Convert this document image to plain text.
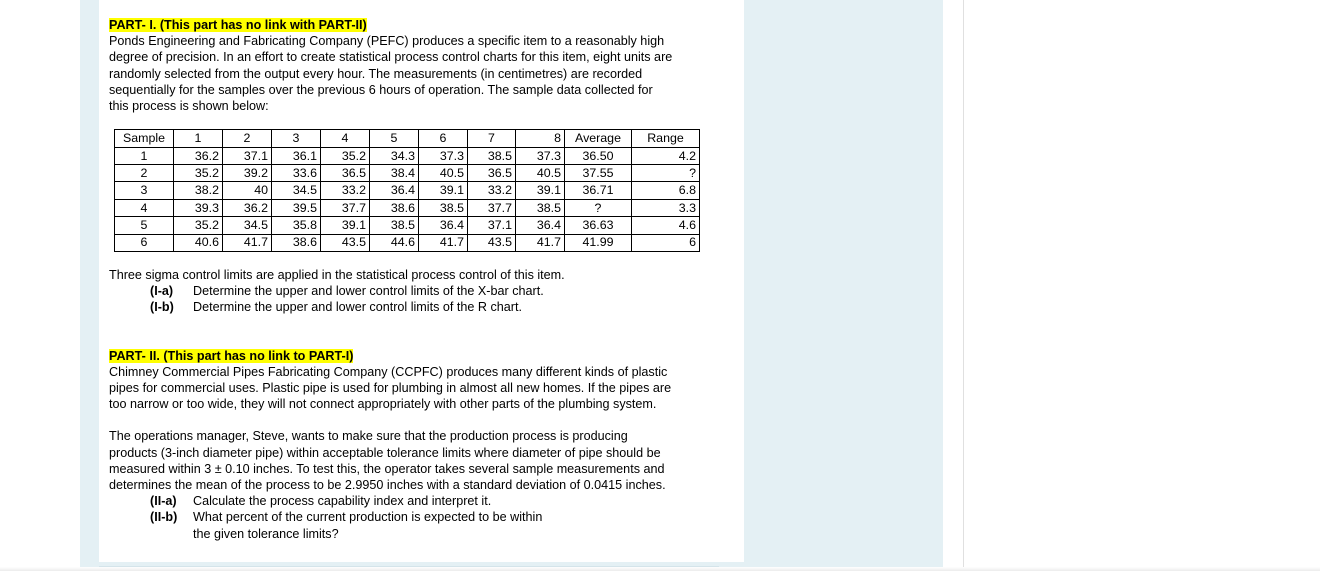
PART- I. (This part has no link with PART-II)

Ponds Engineering and Fabricating Company (PEFC) produces a specific item to a reasonably high

degree of precision. In an effort to create statistical process control charts for this item, eight units are

randomly selected from the output every hour. The measurements (in centimetres) are recorded

sequentially for the samples over the previous 6 hours of operation. The sample data collected for

this process is shown below:

Sample	1	2	3	4	5	6	7	8	Average	Range
1	36.2	37.1	36.1	35.2	34.3	37.3	38.5	37.3	36.50	4.2
2	35.2	39.2	33.6	36.5	38.4	40.5	36.5	40.5	37.55	?
3	38.2	40	34.5	33.2	36.4	39.1	33.2	39.1	36.71	6.8
4	39.3	36.2	39.5	37.7	38.6	38.5	37.7	38.5	?	3.3
5	35.2	34.5	35.8	39.1	38.5	36.4	37.1	36.4	36.63	4.6
6	40.6	41.7	38.6	43.5	44.6	41.7	43.5	41.7	41.99	6

Three sigma control limits are applied in the statistical process control of this item.

(I-a)	Determine the upper and lower control limits of the X-bar chart.
(I-b)	Determine the upper and lower control limits of the R chart.

PART- II. (This part has no link to PART-I)

Chimney Commercial Pipes Fabricating Company (CCPFC) produces many different kinds of plastic

pipes for commercial uses. Plastic pipe is used for plumbing in almost all new homes. If the pipes are

too narrow or too wide, they will not connect appropriately with other parts of the plumbing system.

The operations manager, Steve, wants to make sure that the production process is producing

products (3-inch diameter pipe) within acceptable tolerance limits where diameter of pipe should be

measured within 3 ± 0.10 inches. To test this, the operator takes several sample measurements and

determines the mean of the process to be 2.9950 inches with a standard deviation of 0.0415 inches.

(II-a)	Calculate the process capability index and interpret it.
(II-b)	What percent of the current production is expected to be within
the given tolerance limits?
